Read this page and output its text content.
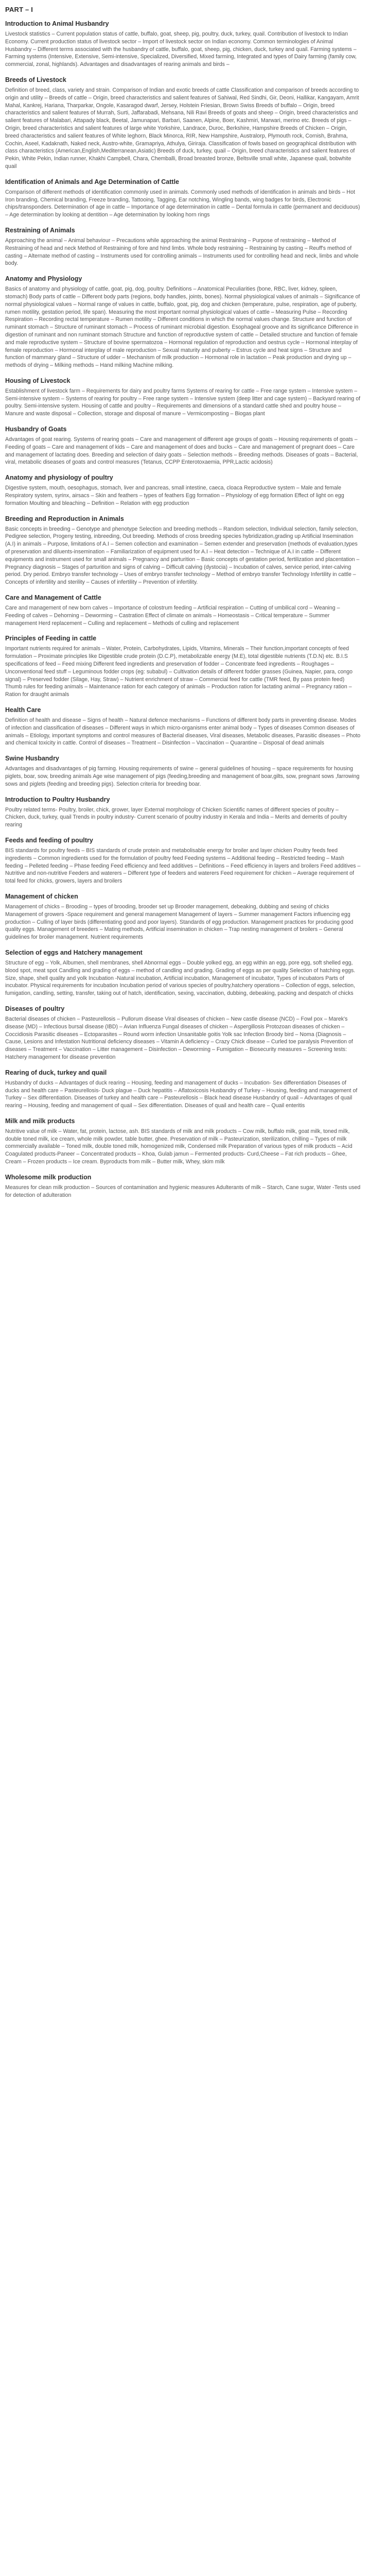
PART – I
Introduction to Animal Husbandry

Livestock statistics – Current population status of cattle, buffalo, goat, sheep, pig, poultry, duck, turkey, quail. Contribution of livestock to Indian Economy. Current production status of livestock sector – Import of livestock sector on Indian economy. Common terminologies of Animal Husbandry – Different terms associated with the husbandry of cattle, buffalo, goat, sheep, pig, chicken, duck, turkey and quail. Farming systems – Farming systems (Intensive, Extensive, Semi-intensive, Specialized, Diversified, Mixed farming, Integrated and types of Dairy farming (family cow, commercial, zonal, highlands). Advantages and disadvantages of rearing animals and birds –

Breeds of Livestock

Definition of breed, class, variety and strain. Comparison of Indian and exotic breeds of cattle Classification and comparison of breeds according to origin and utility – Breeds of cattle – Origin, breed characteristics and salient features of Sahiwal, Red Sindhi, Gir, Deoni, Hallikar, Kangayam, Amrit Mahal, Kankrej, Hariana, Tharparkar, Ongole, Kasaragod dwarf, Jersey, Holstein Friesian, Brown Swiss Breeds of buffalo – Origin, breed characteristics and salient features of Murrah, Surti, Jaffarabadi, Mehsana, Nili Ravi Breeds of goats and sheep – Origin, breed characteristics and salient features of Malabari, Attapady black, Beetal, Jamunapari, Barbari, Saanen, Alpine, Boer, Kashmiri, Marwari, merino etc. Breeds of pigs – Origin, breed characteristics and salient features of large white Yorkshire, Landrace, Duroc, Berkshire, Hampshire Breeds of Chicken – Origin, breed characteristics and salient features of White leghorn, Black Minorca, RIR, New Hampshire, Australorp, Plymouth rock, Cornish, Brahma, Cochin, Aseel, Kadaknath, Naked neck, Austro-white, Gramapriya, Athulya, Giriraja. Classification of fowls based on geographical distribution with class characteristics (American,English,Mediterranean,Asiatic) Breeds of duck, turkey, quail – Origin, breed characteristics and salient features of Pekin, White Pekin, Indian runner, Khakhi Campbell, Chara, Chemballi, Broad breasted bronze, Beltsville small white, Japanese quail, bobwhite quail

Identification of Animals and Age Determination of Cattle

Comparison of different methods of identification commonly used in animals. Commonly used methods of identification in animals and birds – Hot Iron branding, Chemical branding, Freeze branding, Tattooing, Tagging, Ear notching, Wingling bands, wing badges for birds, Electronic chips/transponders. Determination of age in cattle – Importance of age determination in cattle – Dental formula in cattle (permanent and deciduous) – Age determination by looking at dentition – Age determination by looking horn rings

Restraining of Animals

Approaching the animal – Animal behaviour – Precautions while approaching the animal Restraining – Purpose of restraining – Method of Restraining of head and neck Method of Restraining of fore and hind limbs. Whole body restraining – Restraining by casting – Reuff's method of casting – Alternate method of casting – Instruments used for controlling animals – Instruments used for controlling head and neck, limbs and whole body.

Anatomy and Physiology

Basics of anatomy and physiology of cattle, goat, pig, dog, poultry. Definitions – Anatomical Peculiarities (bone, RBC, liver, kidney, spleen, stomach) Body parts of cattle – Different body parts (regions, body handles, joints, bones). Normal physiological values of animals – Significance of normal physiological values – Normal range of values in cattle, buffalo, goat, pig, dog and chicken (temperature, pulse, respiration, age of puberty, rumen motility, gestation period, life span). Measuring the most important normal physiological values of cattle – Measuring Pulse – Recording Respiration – Recording rectal temperature – Rumen motility – Different conditions in which the normal values change. Structure and function of ruminant stomach – Structure of ruminant stomach – Process of ruminant microbial digestion. Esophageal groove and its significance Difference in digestion of ruminant and non ruminant stomach Structure and function of reproductive system of cattle – Detailed structure and function of female and male reproductive system – Structure of bovine spermatozoa – Hormonal regulation of reproduction and oestrus cycle – Hormonal interplay of female reproduction – Hormonal interplay of male reproduction – Sexual maturity and puberty – Estrus cycle and heat signs – Structure and function of mammary gland – Structure of udder – Mechanism of milk production – Hormonal role in lactation – Peak production and drying up –methods of drying – Milking methods – Hand milking Machine milking.

Housing of Livestock

Establishment of livestock farm – Requirements for dairy and poultry farms Systems of rearing for cattle – Free range system – Intensive system – Semi-intensive system – Systems of rearing for poultry – Free range system – Intensive system (deep litter and cage system) – Backyard rearing of poultry. Semi-intensive system. Housing of cattle and poultry – Requirements and dimensions of a standard cattle shed and poultry house – Manure and waste disposal – Collection, storage and disposal of manure – Vermicomposting – Biogas plant

Husbandry of Goats

Advantages of goat rearing. Systems of rearing goats – Care and management of different age groups of goats – Housing requirements of goats – Feeding of goats – Care and management of kids – Care and management of does and bucks – Care and management of pregnant does – Care and management of lactating does. Breeding and selection of dairy goats – Selection methods – Breeding methods. Diseases of goats – Bacterial, viral, metabolic diseases of goats and control measures (Tetanus, CCPP Enterotoxaemia, PPR,Lactic acidosis)

Anatomy and physiology of poultry

Digestive system, mouth, oesophagus, stomach, liver and pancreas, small intestine, caeca, cloaca Reproductive system – Male and female Respiratory system, syrinx, airsacs – Skin and feathers – types of feathers Egg formation – Physiology of egg formation Effect of light on egg formation Moulting and bleaching – Definition – Relation with egg production

Breeding and Reproduction in Animals

Basic concepts in breeding – Genotype and phenotype Selection and breeding methods – Random selection, Individual selection, family selection, Pedigree selection, Progeny testing, inbreeding, Out breeding. Methods of cross breeding species hybridization,grading up Artificial Insemination (A.I) in animals – Purpose, limitations of A.I – Semen collection and examination – Semen extender and preservation (methods of evaluation,types of preservation and diluents-insemination – Familiarization of equipment used for A.I – Heat detection – Technique of A.I in cattle – Different equipments and instrument used for small animals – Pregnancy and parturition – Basic concepts of gestation period, fertilization and placentation – Pregnancy diagnosis – Stages of parturition and signs of calving – Difficult calving (dystocia) – Incubation of calves, service period, inter-calving period. Dry period. Embryo transfer technology – Uses of embryo transfer technology – Method of embryo transfer Technology Infertility in cattle – Concepts of infertility and sterility – Causes of infertility – Prevention of infertility.

Care and Management of Cattle

Care and management of new born calves – Importance of colostrum feeding – Artificial respiration – Cutting of umbilical cord – Weaning – Feeding of calves – Dehorning – Deworming – Castration Effect of climate on animals – Homeostasis – Critical temperature – Summer management Herd replacement – Culling and replacement – Methods of culling and replacement

Principles of Feeding in cattle

Important nutrients required for animals – Water, Protein, Carbohydrates, Lipids, Vitamins, Minerals – Their function,important concepts of feed formulation – Proximate principles like Digestible crude protein (D.C.P), metabolizable energy (M.E), total digestible nutrients (T.D.N) etc. B.I.S specifications of feed – Feed mixing Different feed ingredients and preservation of fodder – Concentrate feed ingredients – Roughages – Unconventional feed stuff – Leguminous fodder crops (eg: subabul) – Cultivation details of different fodder grasses (Guinea, Napier, para, congo signal) – Preserved fodder (Silage, Hay, Straw) – Nutrient enrichment of straw – Commercial feed for cattle (TMR feed, By pass protein feed) Thumb rules for feeding animals – Maintenance ration for each category of animals – Production ration for lactating animal – Pregnancy ration – Ration for draught animals

Health Care

Definition of health and disease – Signs of health – Natural defence mechanisms – Functions of different body parts in preventing disease. Modes of infection and classification of diseases – Different ways in which micro-organisms enter animal body – Types of diseases Common diseases of animals – Etiology, important symptoms and control measures of Bacterial diseases, Viral diseases, Metabolic diseases, Parasitic diseases – Photo and chemical toxicity in cattle. Control of diseases – Treatment – Disinfection – Vaccination – Quarantine – Disposal of dead animals

Swine Husbandry

Advantages and disadvantages of pig farming. Housing requirements of swine – general guidelines of housing – space requirements for housing piglets, boar, sow, breeding animals Age wise management of pigs (feeding,breeding and management of boar,gilts, sow, pregnant sows ,farrowing sows and piglets (feeding and breeding pigs). Selection criteria for breeding boar.

Introduction to Poultry Husbandry

Poultry related terms- Poultry, broiler, chick, grower, layer External morphology of Chicken Scientific names of different species of poultry – Chicken, duck, turkey, quail Trends in poultry industry- Current scenario of poultry industry in Kerala and India – Merits and demerits of poultry rearing

Feeds and feeding of poultry

BIS standards for poultry feeds – BIS standards of crude protein and metabolisable energy for broiler and layer chicken Poultry feeds feed ingredients – Common ingredients used for the formulation of poultry feed Feeding systems – Additional feeding – Restricted feeding – Mash feeding – Pelleted feeding – Phase feeding Feed efficiency and feed additives – Definitions – Feed efficiency in layers and broilers Feed additives – Nutritive and non-nutritive Feeders and waterers – Different type of feeders and waterers Feed requirement for chicken – Average requirement of total feed for chicks, growers, layers and broilers

Management of chicken

Management of chicks – Brooding – types of brooding, brooder set up Brooder management, debeaking, dubbing and sexing of chicks Management of growers -Space requirement and general management Management of layers – Summer management Factors influencing egg production – Culling of layer birds (differentiating good and poor layers). Standards of egg production. Management practices for producing good quality eggs. Management of breeders – Mating methods, Artificial insemination in chicken – Trap nesting management of broilers – General guidelines for broiler management. Nutrient requirements

Selection of eggs and Hatchery management

Structure of egg – Yolk, Albumen, shell membranes, shell Abnormal eggs – Double yolked egg, an egg within an egg, pore egg, soft shelled egg, blood spot, meat spot Candling and grading of eggs – method of candling and grading. Grading of eggs as per quality Selection of hatching eggs. Size, shape, shell quality and yolk Incubation -Natural incubation, Artificial incubation, Management of incubator, Types of incubators Parts of incubator. Physical requirements for incubation Incubation period of various species of poultry,hatchery operations – Collection of eggs, selection, fumigation, candling, setting, transfer, taking out of hatch, identification, sexing, vaccination, dubbing, debeaking, packing and despatch of chicks

Diseases of poultry

Bacterial diseases of chicken – Pasteurellosis – Pullorum disease Viral diseases of chicken – New castle disease (NCD) – Fowl pox – Marek's disease (MD) – Infectious bursal disease (IBD) – Avian Influenza Fungal diseases of chicken – Aspergillosis Protozoan diseases of chicken – Coccidiosis Parasitic diseases – Ectoparasites – Round worm infection Unsanitable goitis Yolk sac Infection Broody bird – Noma (Diagnosis – Cause, Lesions and Infestation Nutritional deficiency diseases – Vitamin A deficiency – Crazy Chick disease – Curled toe paralysis Prevention of diseases – Treatment – Vaccination – Litter management – Disinfection – Deworming – Fumigation – Biosecurity measures – Screening tests: Hatchery management for disease prevention

Rearing of duck, turkey and quail

Husbandry of ducks – Advantages of duck rearing – Housing, feeding and management of ducks – Incubation- Sex differentiation Diseases of ducks and health care – Pasteurellosis- Duck plague – Duck hepatitis – Aflatoxicosis Husbandry of Turkey – Housing, feeding and management of Turkey – Sex differentiation. Diseases of turkey and health care – Pasteurellosis – Black head disease Husbandry of quail – Advantages of quail rearing – Housing, feeding and management of quail – Sex differentiation. Diseases of quail and health care – Quail enteritis

Milk and milk products

Nutritive value of milk – Water, fat, protein, lactose, ash. BIS standards of milk and milk products – Cow milk, buffalo milk, goat milk, toned milk, double toned milk, ice cream, whole milk powder, table butter, ghee. Preservation of milk – Pasteurization, sterilization, chilling – Types of milk commercially available – Toned milk, double toned milk, homogenized milk, Condensed milk Preparation of various types of milk products – Acid Coagulated products-Paneer – Concentrated products – Khoa, Gulab jamun – Fermented products- Curd,Cheese – Fat rich products – Ghee, Cream – Frozen products – Ice cream. Byproducts from milk – Butter milk, Whey, skim milk

Wholesome milk production

Measures for clean milk production – Sources of contamination and hygienic measures Adulterants of milk – Starch, Cane sugar, Water -Tests used for detection of adulteration
